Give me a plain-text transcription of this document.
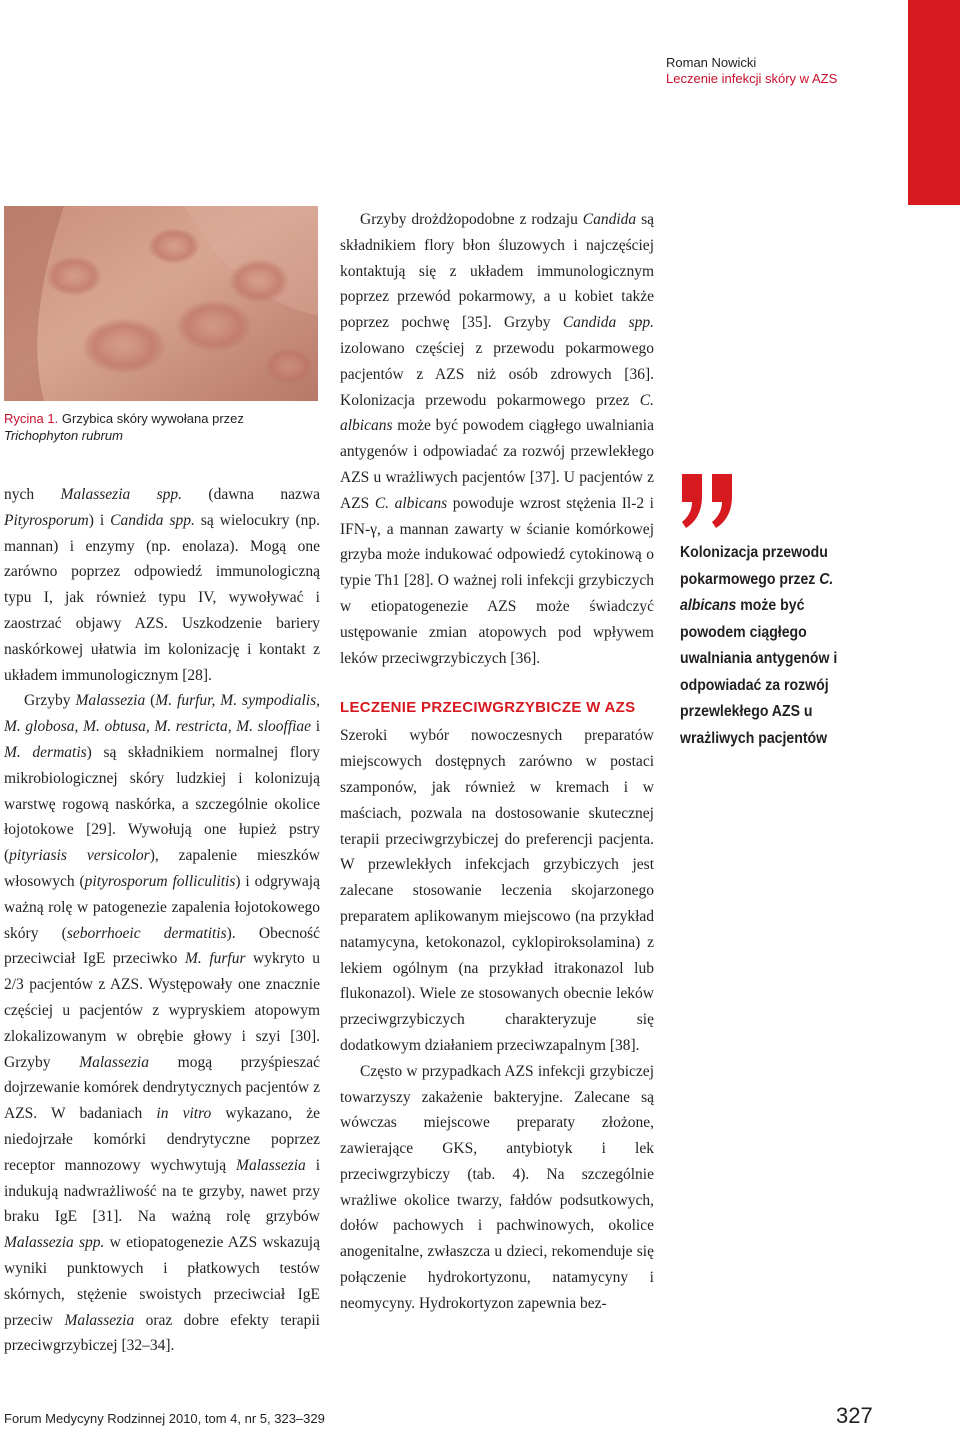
Roman Nowicki
Leczenie infekcji skóry w AZS
Rycina 1. Grzybica skóry wywołana przez
Trichophyton rubrum

nych Malassezia spp. (dawna nazwa Pityrosporum) i Candida spp. są wielocukry (np. mannan) i enzymy (np. enolaza). Mogą one zarówno poprzez odpowiedź immunologiczną typu I, jak również typu IV, wywoływać i zaostrzać objawy AZS. Uszkodzenie bariery naskórkowej ułatwia im kolonizację i kontakt z układem immunologicznym [28].

Grzyby Malassezia (M. furfur, M. sympodialis, M. globosa, M. obtusa, M. restricta, M. slooffiae i M. dermatis) są składnikiem normalnej flory mikrobiologicznej skóry ludzkiej i kolonizują warstwę rogową naskórka, a szczególnie okolice łojotokowe [29]. Wywołują one łupież pstry (pityriasis versicolor), zapalenie mieszków włosowych (pityrosporum folliculitis) i odgrywają ważną rolę w patogenezie zapalenia łojotokowego skóry (seborrhoeic dermatitis). Obecność przeciwciał IgE przeciwko M. furfur wykryto u 2/3 pacjentów z AZS. Występowały one znacznie częściej u pacjentów z wypryskiem atopowym zlokalizowanym w obrębie głowy i szyi [30]. Grzyby Malassezia mogą przyśpieszać dojrzewanie komórek dendrytycznych pacjentów z AZS. W badaniach in vitro wykazano, że niedojrzałe komórki dendrytyczne poprzez receptor mannozowy wychwytują Malassezia i indukują nadwrażliwość na te grzyby, nawet przy braku IgE [31]. Na ważną rolę grzybów Malassezia spp. w etiopatogenezie AZS wskazują wyniki punktowych i płatkowych testów skórnych, stężenie swoistych przeciwciał IgE przeciw Malassezia oraz dobre efekty terapii przeciwgrzybiczej [32–34].

Grzyby drożdżopodobne z rodzaju Candida są składnikiem flory błon śluzowych i najczęściej kontaktują się z układem immunologicznym poprzez przewód pokarmowy, a u kobiet także poprzez pochwę [35]. Grzyby Candida spp. izolowano częściej z przewodu pokarmowego pacjentów z AZS niż osób zdrowych [36]. Kolonizacja przewodu pokarmowego przez C. albicans może być powodem ciągłego uwalniania antygenów i odpowiadać za rozwój przewlekłego AZS u wrażliwych pacjentów [37]. U pacjentów z AZS C. albicans powoduje wzrost stężenia Il-2 i IFN-γ, a mannan zawarty w ścianie komórkowej grzyba może indukować odpowiedź cytokinową o typie Th1 [28]. O ważnej roli infekcji grzybiczych w etiopatogenezie AZS może świadczyć ustępowanie zmian atopowych pod wpływem leków przeciwgrzybiczych [36].

LECZENIE PRZECIWGRZYBICZE W AZS

Szeroki wybór nowoczesnych preparatów miejscowych dostępnych zarówno w postaci szamponów, jak również w kremach i w maściach, pozwala na dostosowanie skutecznej terapii przeciwgrzybiczej do preferencji pacjenta. W przewlekłych infekcjach grzybiczych jest zalecane stosowanie leczenia skojarzonego preparatem aplikowanym miejscowo (na przykład natamycyna, ketokonazol, cyklopiroksolamina) z lekiem ogólnym (na przykład itrakonazol lub flukonazol). Wiele ze stosowanych obecnie leków przeciwgrzybiczych charakteryzuje się dodatkowym działaniem przeciwzapalnym [38].

Często w przypadkach AZS infekcji grzybiczej towarzyszy zakażenie bakteryjne. Zalecane są wówczas miejscowe preparaty złożone, zawierające GKS, antybiotyk i lek przeciwgrzybiczy (tab. 4). Na szczególnie wrażliwe okolice twarzy, fałdów podsutkowych, dołów pachowych i pachwinowych, okolice anogenitalne, zwłaszcza u dzieci, rekomenduje się połączenie hydrokortyzonu, natamycyny i neomycyny. Hydrokortyzon zapewnia bez-

Kolonizacja przewodu pokarmowego przez C. albicans może być powodem ciągłego uwalniania antygenów i odpowiadać za rozwój przewlekłego AZS u wrażliwych pacjentów
Forum Medycyny Rodzinnej 2010, tom 4, nr 5, 323–329	327
